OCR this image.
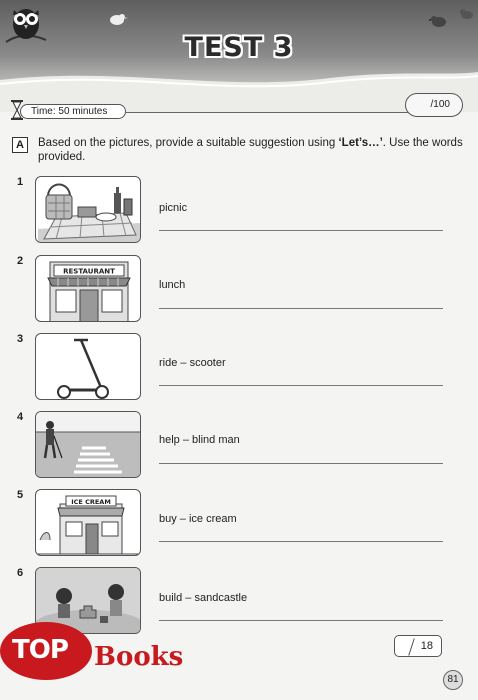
TEST 3
Time: 50 minutes
/100
A	Based on the pictures, provide a suitable suggestion using ‘Let’s…’. Use the words provided.
1
picnic
2
RESTAURANT
lunch
3
ride – scooter
4
help – blind man
5
ICE CREAM
buy – ice cream
6
build – sandcastle
18
81
TOP Books
